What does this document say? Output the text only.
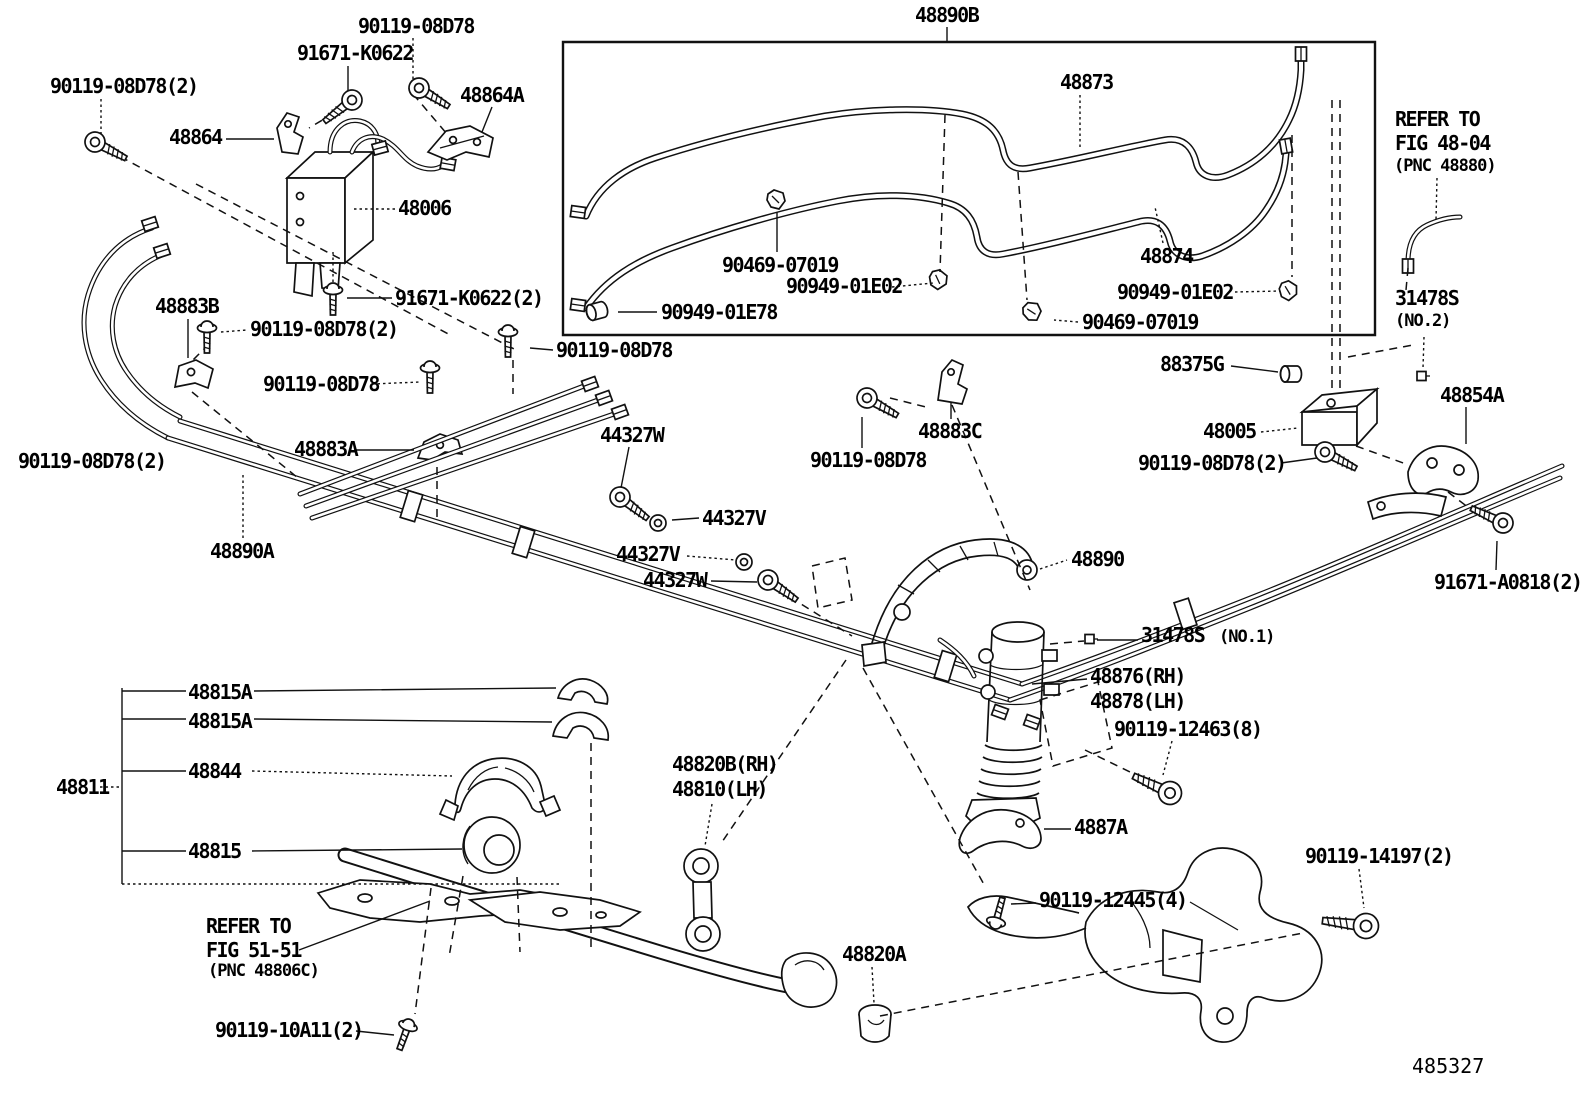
90119-08D78
91671-K0622
90119-08D78(2)	48864A
48864
48006
91671-K0622(2)
48883B
90119-08D78(2)
90119-08D78
90119-08D78
48883A
44327W
90119-08D78(2)
44327V
44327V
44327W
48890A
48890B
48873
90469-07019
90949-01E02
90949-01E78
48874
90949-01E02
90469-07019
REFER TO
FIG 48-04
(PNC 48880)
31478S
(NO.2)
88375G
48005
90119-08D78(2)
48854A
91671-A0818(2)
48890
48883C
90119-08D78
31478S (NO.1)
48876(RH)
48878(LH)
90119-12463(8)
4887A
48811
48815A
48815A
48844
48815
48820B(RH)
48810(LH)
48820A
REFER TO
FIG 51-51
(PNC 48806C)
90119-10A11(2)
90119-12445(4)
90119-14197(2)
485327
